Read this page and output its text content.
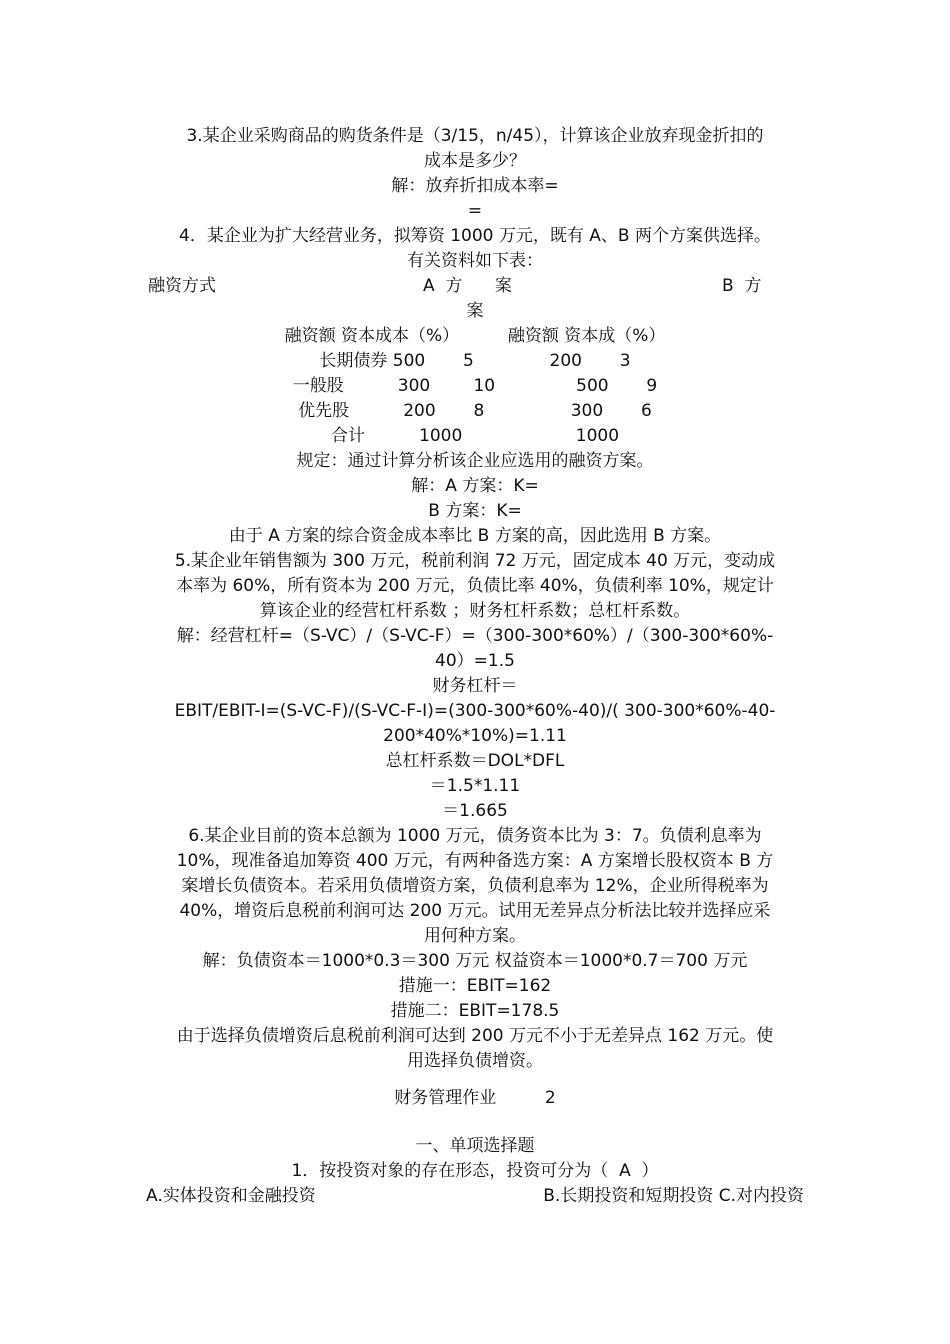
3.某企业采购商品的购货条件是（3/15，n/45），计算该企业放弃现金折扣的
成本是多少？
解：放弃折扣成本率=
=
4．某企业为扩大经营业务，拟筹资 1000 万元，既有 A、B 两个方案供选择。
有关资料如下表：
融资方式	A  方      案	B  方
案
融资额 资本成本（%）         融资额 资本成（%）
长期债券 500       5              200       3
一般股          300        10               500       9
优先股          200       8                300       6
合计          1000                     1000
规定：通过计算分析该企业应选用的融资方案。
解：A 方案：K=
B 方案：K=
由于 A 方案的综合资金成本率比 B 方案的高，因此选用 B 方案。
5.某企业年销售额为 300 万元，税前利润 72 万元，固定成本 40 万元，变动成
本率为 60%，所有资本为 200 万元，负债比率 40%，负债利率 10%，规定计
算该企业的经营杠杆系数 ；财务杠杆系数；总杠杆系数。
解：经营杠杆=（S-VC）/（S-VC-F）=（300-300*60%）/（300-300*60%-
40）=1.5
财务杠杆＝
EBIT/EBIT-I=(S-VC-F)/(S-VC-F-I)=(300-300*60%-40)/( 300-300*60%-40-
200*40%*10%)=1.11
总杠杆系数＝DOL*DFL
＝1.5*1.11
＝1.665
6.某企业目前的资本总额为 1000 万元，债务资本比为 3：7。负债利息率为
10%，现准备追加筹资 400 万元，有两种备选方案：A 方案增长股权资本 B 方
案增长负债资本。若采用负债增资方案，负债利息率为 12%，企业所得税率为
40%，增资后息税前利润可达 200 万元。试用无差异点分析法比较并选择应采
用何种方案。
解：负债资本＝1000*0.3＝300 万元 权益资本＝1000*0.7＝700 万元
措施一：EBIT=162
措施二：EBIT=178.5
由于选择负债增资后息税前利润可达到 200 万元不小于无差异点 162 万元。使
用选择负债增资。
财务管理作业         2
一、单项选择题
1．按投资对象的存在形态，投资可分为（  A  ）
A.实体投资和金融投资	B.长期投资和短期投资 C.对内投资
